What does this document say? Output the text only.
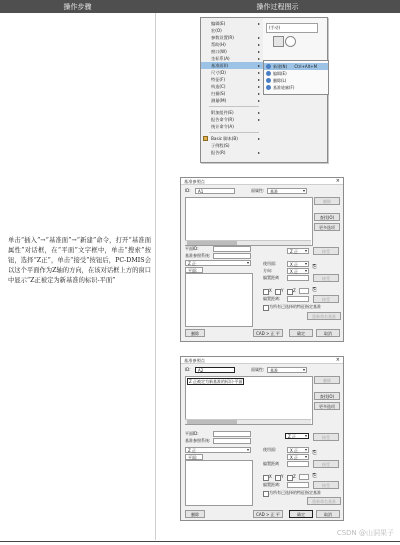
操作步骤	操作过程图示
单击“插入”→“基准面”→“新建”命令，打开“基准面属性”对话框，在“平面”文字框中，单击“搜索”按钮，选择“Z正”，单击“接受”按钮后，PC-DMIS会以这个平面作为Z轴的方向，在该对话框上方的窗口中显示“Z正被定为新基准的标识-平面”
编辑(E)	▸
宏(O)
参数设置(R)	▸
帮助(H)	▸
窗口(W)	▸
坐标系(A)	▸
基准面(I)	▸
尺寸(D)	▸
特征(F)	▸
构造(C)	▸
扫描(S)	▸
测量(M)	▸
附加组件(E)	▸
报告命令(R)	▸
统计命令(A)
Basic 脚本(B)	▸
子例程(S)
报告(R)	▸
(手动)
新建(N) Ctrl+Alt+M
编辑(E)
删除(L)
基准轮廓(F)
基准参照点	×
ID:	A1	面属性:	基准 ▾
删除
查找(O)
更多选项
平面ID:
基准参照系统:
Z 正 ▾
平面:
Z 正 ▾	接受
使用面:	X 正 ▾
方向:	X 正 ▾
⎘
偏置距离	接受
X Y Z	⎘
偏置距离:	接受
为所有已选择的特征指定基准
重新命名基准
删除	CAD > 正 平	确定	取消
基准参照点	×
ID:	A2	面属性:	基准 ▾
Z 正被定为新基准的标识-平面	删除
查找(O)
更多选项
平面ID:
基准参照系统:
Z 正 ▾
平面:
Z 正 ▾	接受
使用面:	X 正 ▾
X 正 ▾
⎘
偏置距离	接受
X Y Z	⎘
偏置距离:	接受
为所有已选择的特征指定基准
重新命名基准
删除	CAD > 正 平	确定	取消
CSDN @山洞果子
